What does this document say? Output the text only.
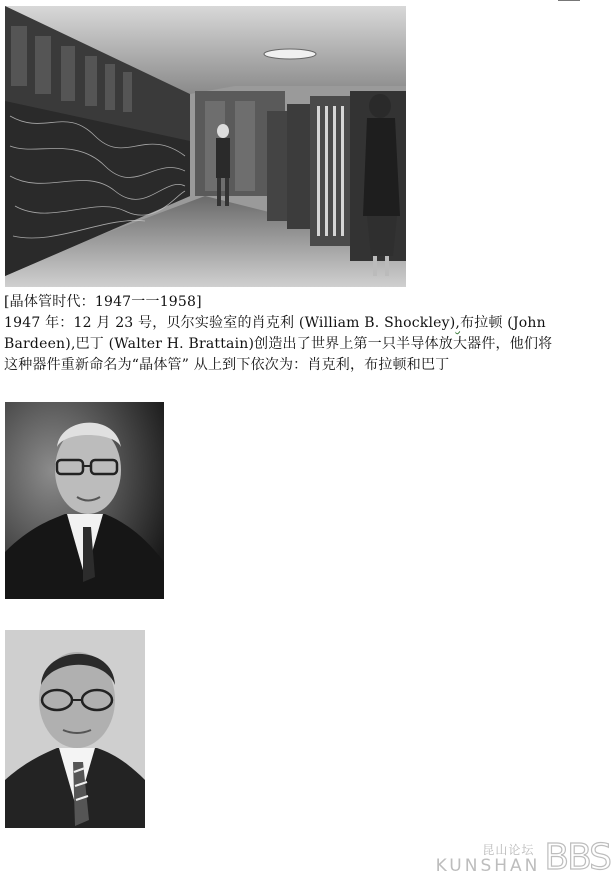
[晶体管时代：1947一一1958]

1947 年：12 月 23 号，贝尔实验室的肖克利 (William B. Shockley),布拉顿 (John Bardeen),巴丁 (Walter H. Brattain)创造出了世界上第一只半导体放大器件，他们将这种器件重新命名为“晶体管” 从上到下依次为：肖克利，布拉顿和巴丁

昆山论坛
KUNSHAN BBS
